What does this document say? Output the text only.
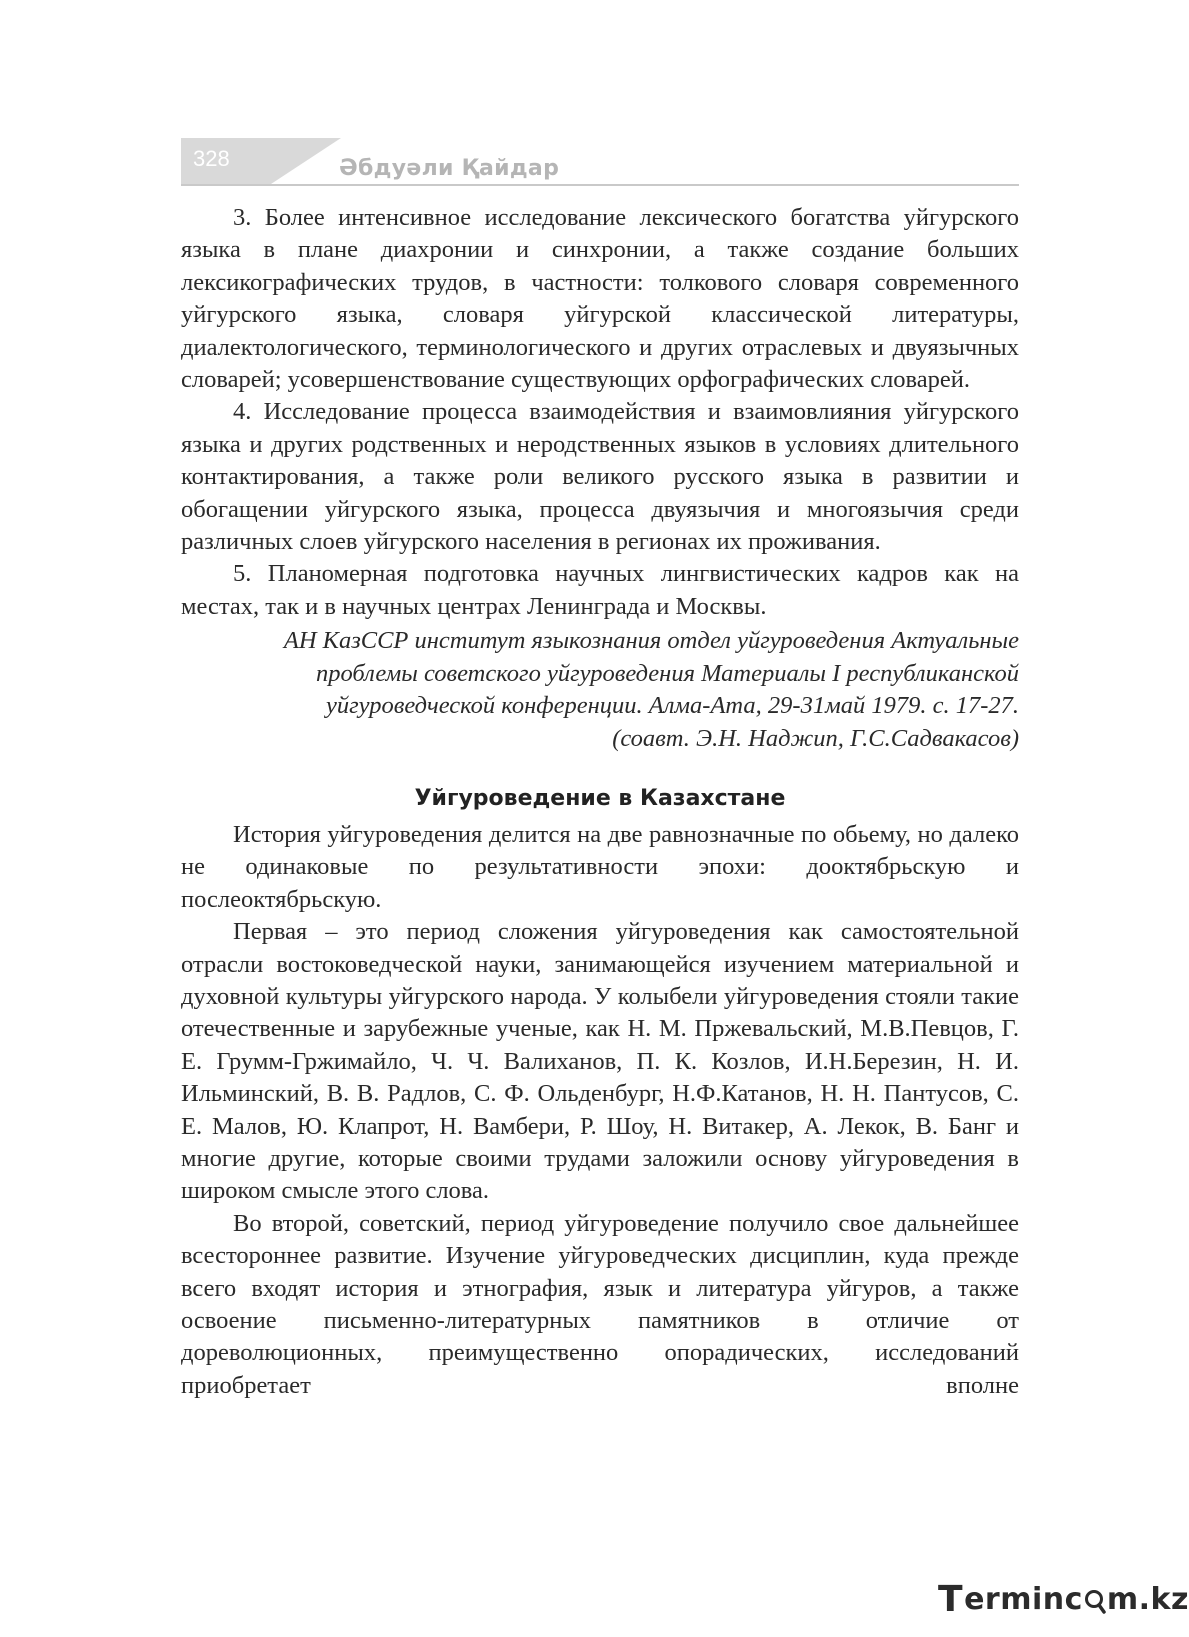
328	Әбдуәли Қайдар

3. Более интенсивное исследование лексического богатства уйгурского языка в плане диахронии и синхронии, а также создание больших лексикографических трудов, в частности: толкового словаря современного уйгурского языка, словаря уйгурской классической литературы, диалектологического, терминологического и других отраслевых и двуязычных словарей; усовершенствование существующих орфографических словарей.

4. Исследование процесса взаимодействия и взаимовлияния уйгурского языка и других родственных и неродственных языков в условиях длительного контактирования, а также роли великого русского языка в развитии и обогащении уйгурского языка, процесса двуязычия и многоязычия среди различных слоев уйгурского населения в регионах их проживания.

5. Планомерная подготовка научных лингвистических кадров как на местах, так и в научных центрах Ленинграда и Москвы.

АН КазССР институт языкознания отдел уйгуроведения Актуальные
проблемы советского уйгуроведения Материалы I республиканской
уйгуроведческой конференции. Алма-Ата, 29-31май 1979. с. 17-27.
(соавт. Э.Н. Наджип, Г.С.Садвакасов)
Уйгуроведение в Казахстане

История уйгуроведения делится на две равнозначные по обьему, но далеко не одинаковые по результативности эпохи: дооктябрьскую и послеоктябрьскую.

Первая – это период сложения уйгуроведения как самостоятельной отрасли востоковедческой науки, занимающейся изучением материальной и духовной культуры уйгурского народа. У колыбели уйгуроведения стояли такие отечественные и зарубежные ученые, как Н. М. Пржевальский, М.В.Певцов, Г. Е. Грумм-Гржимайло, Ч. Ч. Валиханов, П. К. Козлов, И.Н.Березин, Н. И. Ильминский, В. В. Радлов, С. Ф. Ольденбург, Н.Ф.Катанов, Н. Н. Пантусов, С. Е. Малов, Ю. Клапрот, Н. Вамбери, Р. Шоу, Н. Витакер, А. Лекок, В. Банг и многие другие, которые своими трудами заложили основу уйгуроведения в широком смысле этого слова.

Во второй, советский, период уйгуроведение получило свое дальнейшее всестороннее развитие. Изучение уйгуроведческих дисциплин, куда прежде всего входят история и этнография, язык и литература уйгуров, а также освоение письменно-литературных памятников в отличие от дореволюционных, преимущественно опорадических, исследований приобретает вполне

T erminc m.kz
